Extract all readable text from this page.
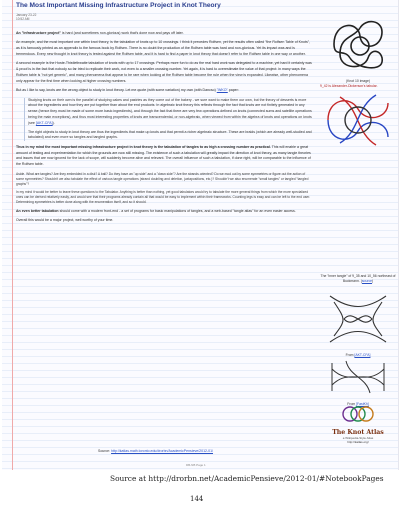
The Most Important Missing Infrastructure Project in Knot Theory
January 23-22
10:52 AM

An "infrastructure project" is hard (and sometimes non-glorious) work that's done now and pays off later.

An example, and the most important one within knot theory, is the tabulation of knots up to 10 crossings. I think it precedes Rolfsen, yet the results often called "the Rolfsen Table of Knots", as it is famously printed as an appendix to the famous book by Rolfsen. There is no doubt the production of the Rolfsen table was hard and non-glorious. Yet its impact was and is tremendous. Every new thought in knot theory is tested against the Rolfsen table, and it is hard to find a paper in knot theory that doesn't refer to the Rolfsen table in one way or another.

A second example is the Hoste-Thistlethwaite tabulation of knots with up to 17 crossings. Perhaps more fun to do as the real hard work was delegated to a machine, yet hard it certainly was & proof is in the fact that nobody so far tried to replicate their work, not even to a smaller crossing number. Yet again, it is hard to overestimate the value of that project: in many ways the Rolfsen table is "not yet generic", and many phenomena that appear to be rare when looking at the Rolfsen table become the rule when the view is expanded. Likewise, other phenomena only appear for the first time when looking at higher crossing numbers.

But as I like to say, knots are the wrong object to study in knot theory. Let me quote (with some variation) my own (with Dancso) "WKO" paper:

Studying knots on their own is the parallel of studying cakes and pastries as they come out of the bakery - we sure want to make them our own, but the theory of desserts is more about the ingredients and how they are put together than about the end products. In algebraic knot theory this reflects through the fact that knots are not finitely generated in any sense (hence they must be made of some more basic ingredients), and through the fact that there are very few operations defined on knots (connected sums and satellite operations being the main exceptions), and thus most interesting properties of knots are transcendental, or non-algebraic, when viewed from within the algebra of knots and operations on knots (see [AKT-CFA]).

The right objects to study in knot theory are thus the ingredients that make up knots and that permit a richer algebraic structure. These are braids (which are already well-studied and tabulated) and even more so tangles and tangled graphs.

Thus in my mind the most important missing infrastructure project in knot theory is the tabulation of tangles to as high a crossing number as practical. This will enable a great amount of testing and experimentation for which the grounds are now still missing. The existence of such a tabulation will greatly impact the direction of knot theory, as many tangle theories and issues that are now ignored for the lack of scope, will suddenly become alive and relevant. The overall influence of such a tabulation, if done right, will be comparable to the influence of the Rolfsen table.

Aside. What are tangles? Are they embedded in a disk? A ball? Do they have an "up side" and a "down side"? Are the strands oriented? Do we mod out by some symmetries or figure out the action of some symmetries? Shouldn't we also tabulate the effect of various tangle operations (strand doubling and deletion, juxtapositions, etc.)? Shouldn't we also enumerate "small tangles" or tangled "tangled graphs"?

In my mind it would be better to leave these questions to the Tabulator. Anything is better than nothing, yet good tabulators would try to tabulate the more general things from which the more specialized ones can be derived relatively easily, and would see that their programs already contain all that would be easy to implement within their frameworks. Counting legs is easy and can be left to the end user. Determining symmetries is better done along with the enumeration itself, and so it should.

An even better tabulation should come with a modern front-end - a set of programs for basic manipulations of tangles, and a web-based "tangle atlas" for an even easier access.

Overall this would be a major project, well worthy of your time.

(Knot 10 image)
9_42 is Alexander-Dickerson's tabular.
The "inner tangle" of 9_35 and 10_56 northeast of Buckmann. (source)
From [AKT-CFA]
From [FastKh]
The Knot Atlas
a Wikipedia-Style Atlas
http://katlas.org/
Source: http://katlas.math.toronto.edu/drorbn/AcademicPensieve/2012-01/
DB-NB Page 1
Source at http://drorbn.net/AcademicPensieve/2012-01/#NotebookPages
144
